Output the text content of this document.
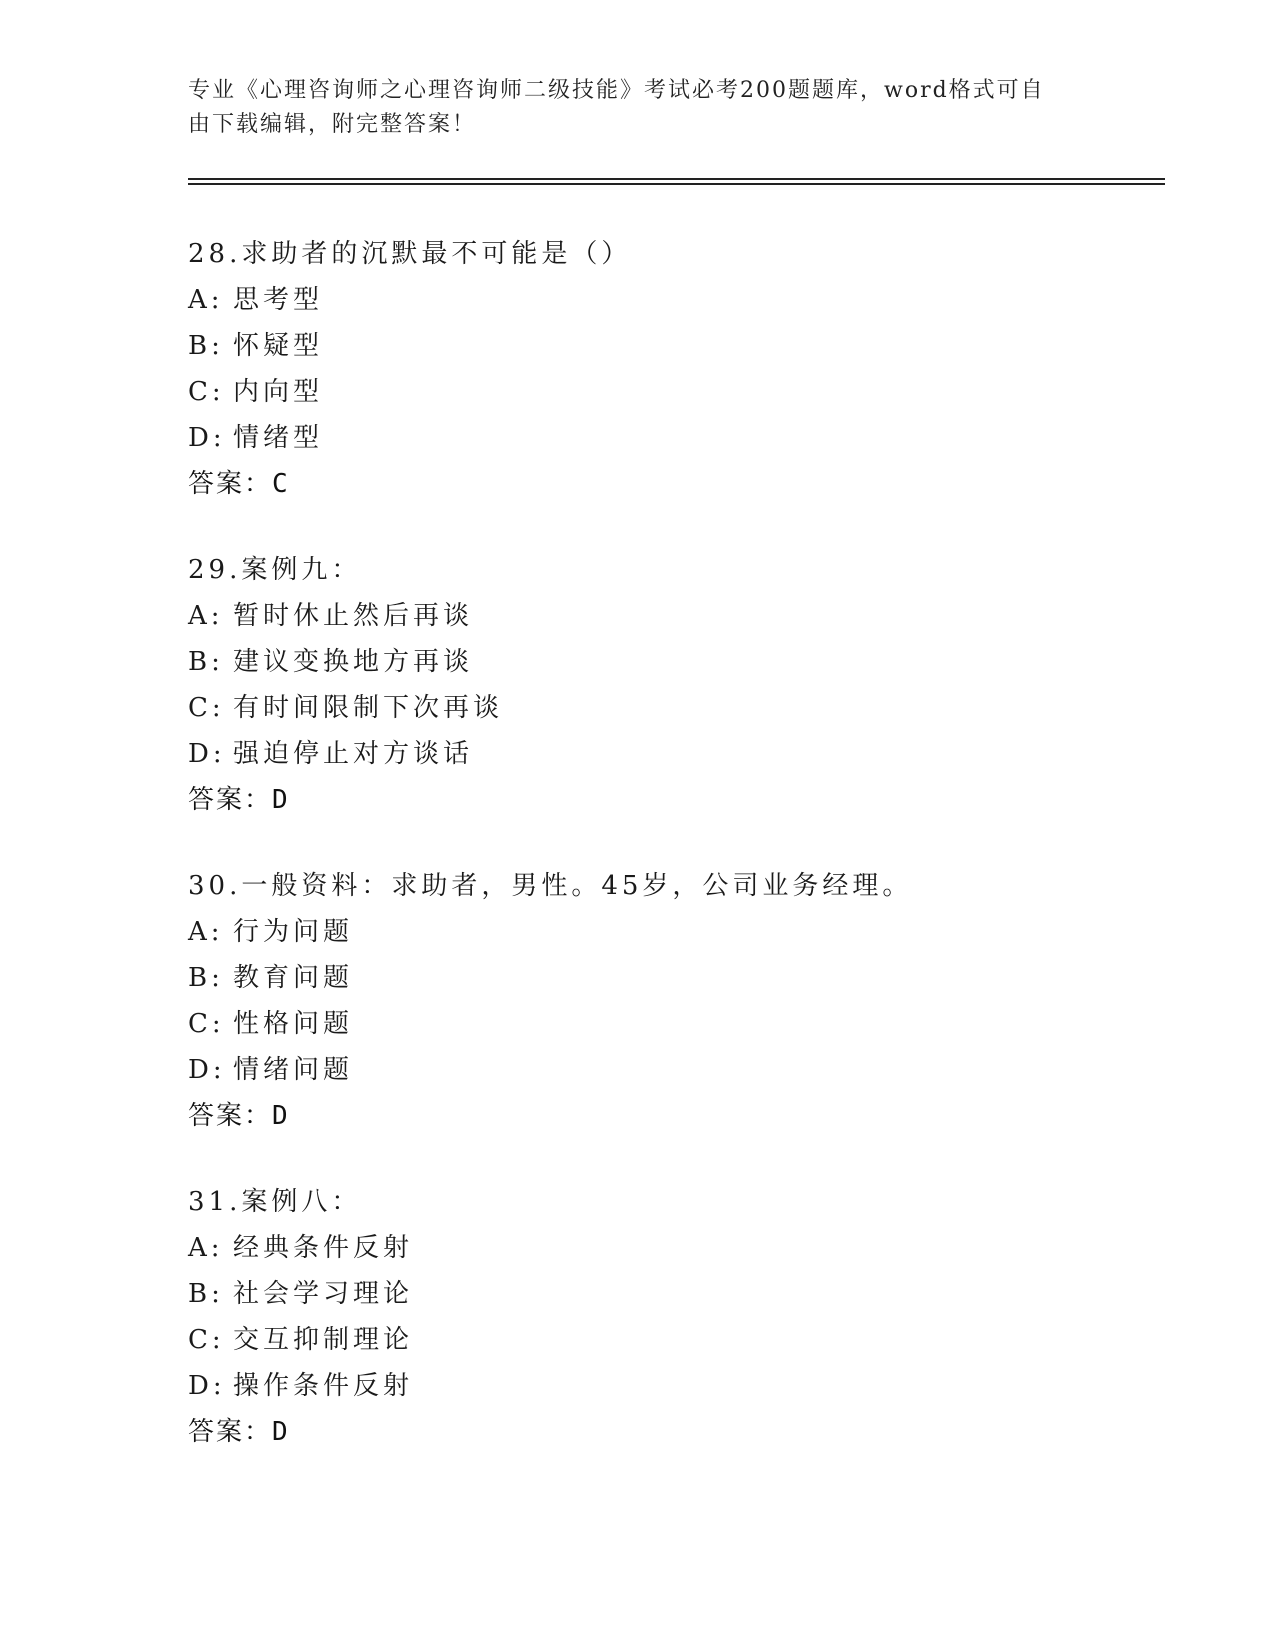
专业《心理咨询师之心理咨询师二级技能》考试必考200题题库，word格式可自
由下载编辑，附完整答案！
28.求助者的沉默最不可能是（）
A: 思考型
B: 怀疑型
C: 内向型
D: 情绪型
答案：C
29.案例九：
A: 暂时休止然后再谈
B: 建议变换地方再谈
C: 有时间限制下次再谈
D: 强迫停止对方谈话
答案：D
30.一般资料：求助者，男性。45岁，公司业务经理。
A: 行为问题
B: 教育问题
C: 性格问题
D: 情绪问题
答案：D
31.案例八：
A: 经典条件反射
B: 社会学习理论
C: 交互抑制理论
D: 操作条件反射
答案：D
